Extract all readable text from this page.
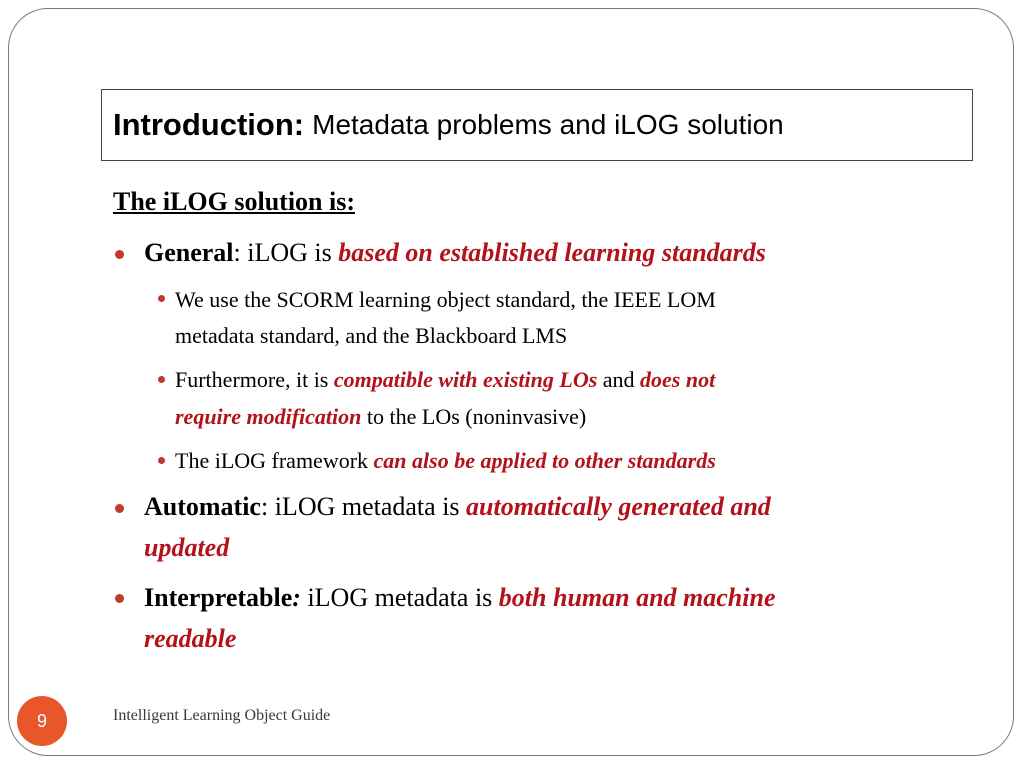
Introduction: Metadata problems and iLOG solution
The iLOG solution is:
General: iLOG is based on established learning standards
We use the SCORM learning object standard, the IEEE LOM
metadata standard, and the Blackboard LMS
Furthermore, it is compatible with existing LOs and does not
require modification to the LOs (noninvasive)
The iLOG framework can also be applied to other standards
Automatic: iLOG metadata is automatically generated and
updated
Interpretable: iLOG metadata is both human and machine
readable
9	Intelligent Learning Object Guide
